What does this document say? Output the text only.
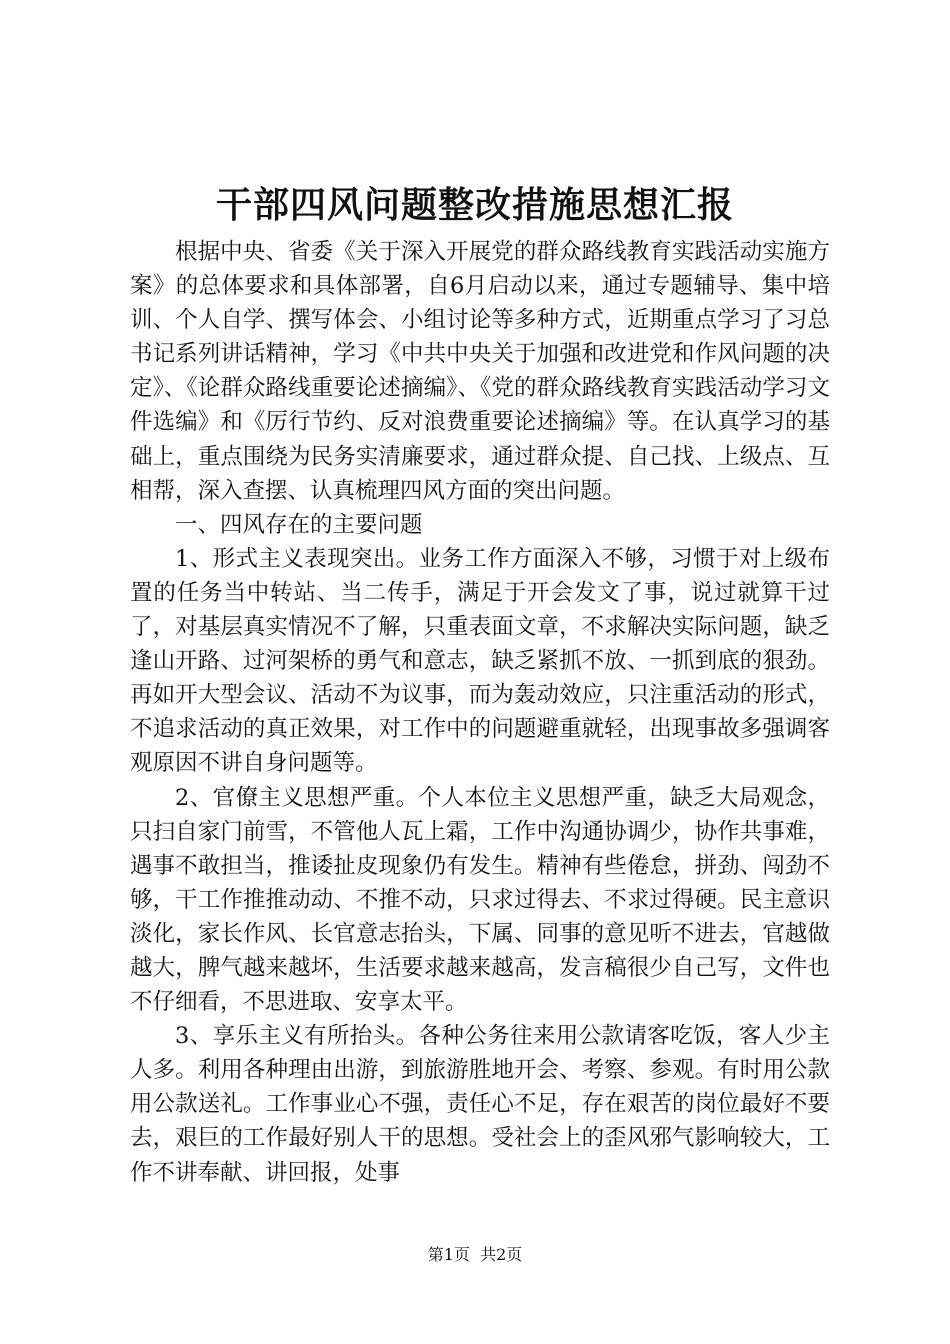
干部四风问题整改措施思想汇报

根据中央、省委《关于深入开展党的群众路线教育实践活动实施方案》的总体要求和具体部署，自6月启动以来，通过专题辅导、集中培训、个人自学、撰写体会、小组讨论等多种方式，近期重点学习了习总书记系列讲话精神，学习《中共中央关于加强和改进党和作风问题的决定》、《论群众路线重要论述摘编》、《党的群众路线教育实践活动学习文件选编》和《厉行节约、反对浪费重要论述摘编》等。在认真学习的基础上，重点围绕为民务实清廉要求，通过群众提、自己找、上级点、互相帮，深入查摆、认真梳理四风方面的突出问题。

一、四风存在的主要问题

1、形式主义表现突出。业务工作方面深入不够，习惯于对上级布置的任务当中转站、当二传手，满足于开会发文了事，说过就算干过了，对基层真实情况不了解，只重表面文章，不求解决实际问题，缺乏逢山开路、过河架桥的勇气和意志，缺乏紧抓不放、一抓到底的狠劲。再如开大型会议、活动不为议事，而为轰动效应，只注重活动的形式，不追求活动的真正效果，对工作中的问题避重就轻，出现事故多强调客观原因不讲自身问题等。

2、官僚主义思想严重。个人本位主义思想严重，缺乏大局观念，只扫自家门前雪，不管他人瓦上霜，工作中沟通协调少，协作共事难，遇事不敢担当，推诿扯皮现象仍有发生。精神有些倦怠，拼劲、闯劲不够，干工作推推动动、不推不动，只求过得去、不求过得硬。民主意识淡化，家长作风、长官意志抬头，下属、同事的意见听不进去，官越做越大，脾气越来越坏，生活要求越来越高，发言稿很少自己写，文件也不仔细看，不思进取、安享太平。

3、享乐主义有所抬头。各种公务往来用公款请客吃饭，客人少主人多。利用各种理由出游，到旅游胜地开会、考察、参观。有时用公款用公款送礼。工作事业心不强，责任心不足，存在艰苦的岗位最好不要去，艰巨的工作最好别人干的思想。受社会上的歪风邪气影响较大，工作不讲奉献、讲回报，处事

第1页  共2页
